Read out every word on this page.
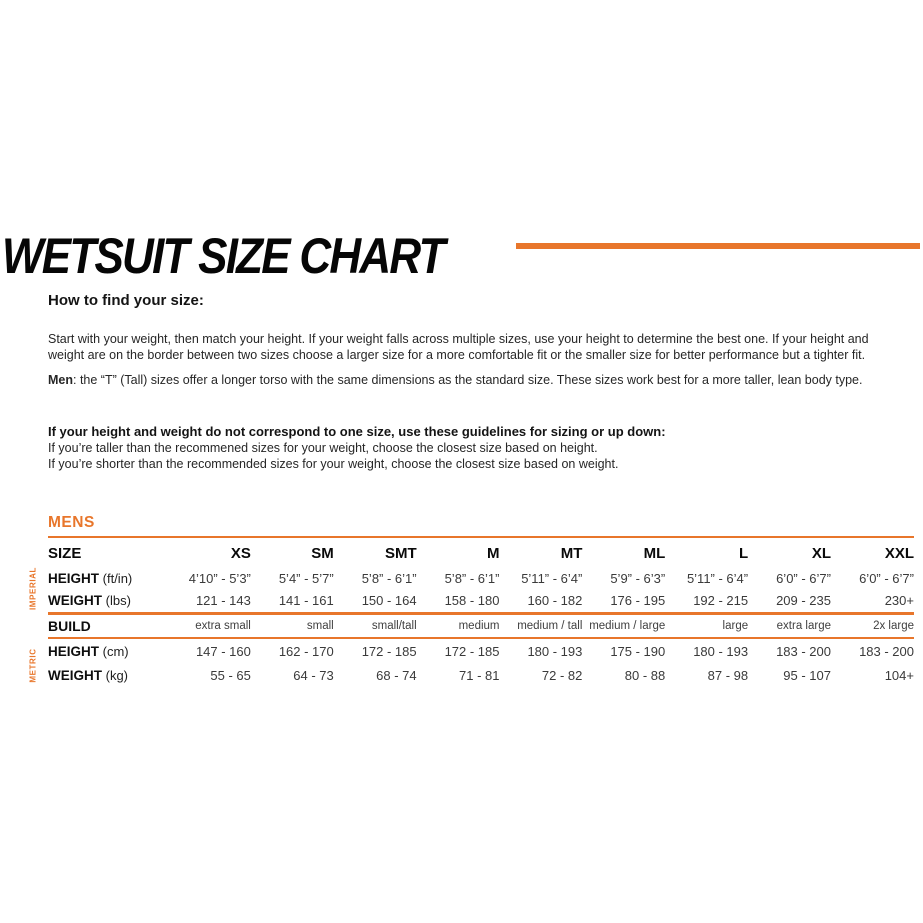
WETSUIT SIZE CHART
How to find your size:
Start with your weight, then match your height. If your weight falls across multiple sizes, use your height to determine the best one. If your height and
weight are on the border between two sizes choose a larger size for a more comfortable fit or the smaller size for better performance but a tighter fit.
Men: the “T” (Tall) sizes offer a longer torso with the same dimensions as the standard size. These sizes work best for a more taller, lean body type.
If your height and weight do not correspond to one size, use these guidelines for sizing or up down:
If you’re taller than the recommened sizes for your weight, choose the closest size based on height.
If you’re shorter than the recommended sizes for your weight, choose the closest size based on weight.
MENS
IMPERIAL
METRIC
SIZE	XS	SM	SMT	M	MT	ML	L	XL	XXL
HEIGHT (ft/in)	4’10” - 5’3”	5’4” - 5’7”	5’8” - 6’1”	5’8” - 6’1”	5’11” - 6’4”	5’9” - 6’3”	5’11” - 6’4”	6’0” - 6’7”	6’0” - 6’7”
WEIGHT (lbs)	121 - 143	141 - 161	150 - 164	158 - 180	160 - 182	176 - 195	192 - 215	209 - 235	230+
BUILD	extra small	small	small/tall	medium	medium / tall	medium / large	large	extra large	2x large
HEIGHT (cm)	147 - 160	162 - 170	172 - 185	172 - 185	180 - 193	175 - 190	180 - 193	183 - 200	183 - 200
WEIGHT (kg)	55 - 65	64 - 73	68 - 74	71 - 81	72 - 82	80 - 88	87 - 98	95 - 107	104+
